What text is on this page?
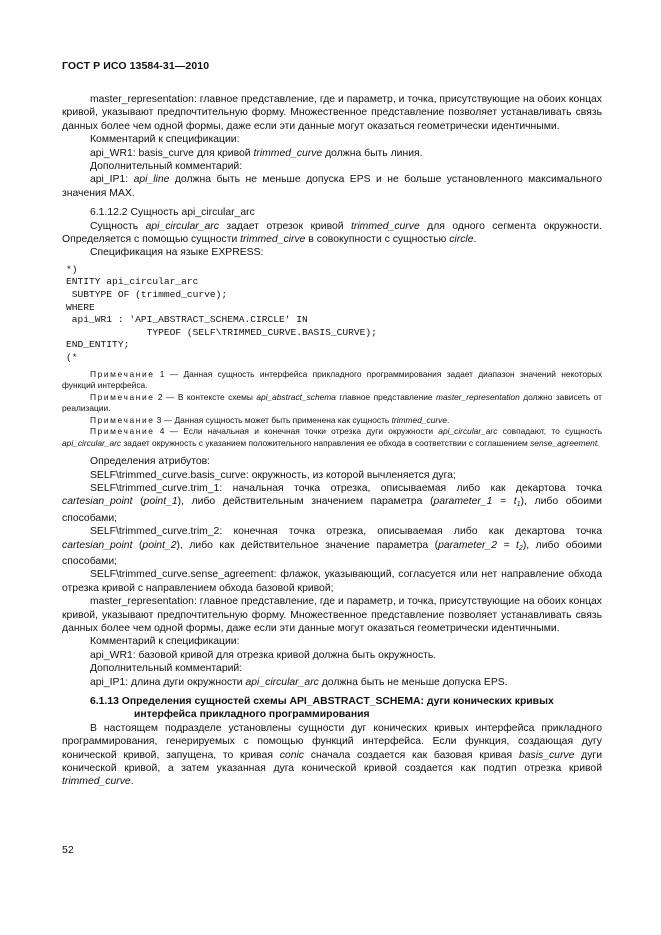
ГОСТ Р ИСО 13584-31—2010

master_representation: главное представление, где и параметр, и точка, присутствующие на обоих концах кривой, указывают предпочтительную форму. Множественное представление позволяет устанавливать связь данных более чем одной формы, даже если эти данные могут оказаться геометрически идентичными.

Комментарий к спецификации:

api_WR1: basis_curve для кривой trimmed_curve должна быть линия.

Дополнительный комментарий:

api_IP1: api_line должна быть не меньше допуска EPS и не больше установленного максимального значения MAX.

6.1.12.2 Сущность api_circular_arc

Сущность api_circular_arc задает отрезок кривой trimmed_curve для одного сегмента окружности. Определяется с помощью сущности trimmed_cirve в совокупности с сущностью circle.

Спецификация на языке EXPRESS:

*)
ENTITY api_circular_arc
SUBTYPE OF (trimmed_curve);
WHERE
api_WR1 : 'API_ABSTRACT_SCHEMA.CIRCLE' IN
TYPEOF (SELF\TRIMMED_CURVE.BASIS_CURVE);
END_ENTITY;
(*

Примечание 1 — Данная сущность интерфейса прикладного программирования задает диапазон значений некоторых функций интерфейса.

Примечание 2 — В контексте схемы api_abstract_schema главное представление master_representation должно зависеть от реализации.

Примечание 3 — Данная сущность может быть применена как сущность trimmed_curve.

Примечание 4 — Если начальная и конечная точки отрезка дуги окружности api_circular_arc совпадают, то сущность api_circular_arc задает окружность с указанием положительного направления ее обхода в соответствии с соглашением sense_agreement.

Определения атрибутов:

SELF\trimmed_curve.basis_curve: окружность, из которой вычленяется дуга;

SELF\trimmed_curve.trim_1: начальная точка отрезка, описываемая либо как декартова точка cartesian_point (point_1), либо действительным значением параметра (parameter_1 = $t_1$), либо обоими способами;

SELF\trimmed_curve.trim_2: конечная точка отрезка, описываемая либо как декартова точка cartesian_point (point_2), либо как действительное значение параметра (parameter_2 = $t_2$), либо обоими способами;

SELF\trimmed_curve.sense_agreement: флажок, указывающий, согласуется или нет направление обхода отрезка кривой с направлением обхода базовой кривой;

master_representation: главное представление, где и параметр, и точка, присутствующие на обоих концах кривой, указывают предпочтительную форму. Множественное представление позволяет устанавливать связь данных более чем одной формы, даже если эти данные могут оказаться геометрически идентичными.

Комментарий к спецификации:

api_WR1: базовой кривой для отрезка кривой должна быть окружность.

Дополнительный комментарий:

api_IP1: длина дуги окружности api_circular_arc должна быть не меньше допуска EPS.

6.1.13 Определения сущностей схемы API_ABSTRACT_SCHEMA: дуги конических кривых
интерфейса прикладного программирования

В настоящем подразделе установлены сущности дуг конических кривых интерфейса прикладного программирования, генерируемых с помощью функций интерфейса. Если функция, создающая дугу конической кривой, запущена, то кривая conic сначала создается как базовая кривая basis_curve дуги конической кривой, а затем указанная дуга конической кривой создается как подтип отрезка кривой trimmed_curve.

52
